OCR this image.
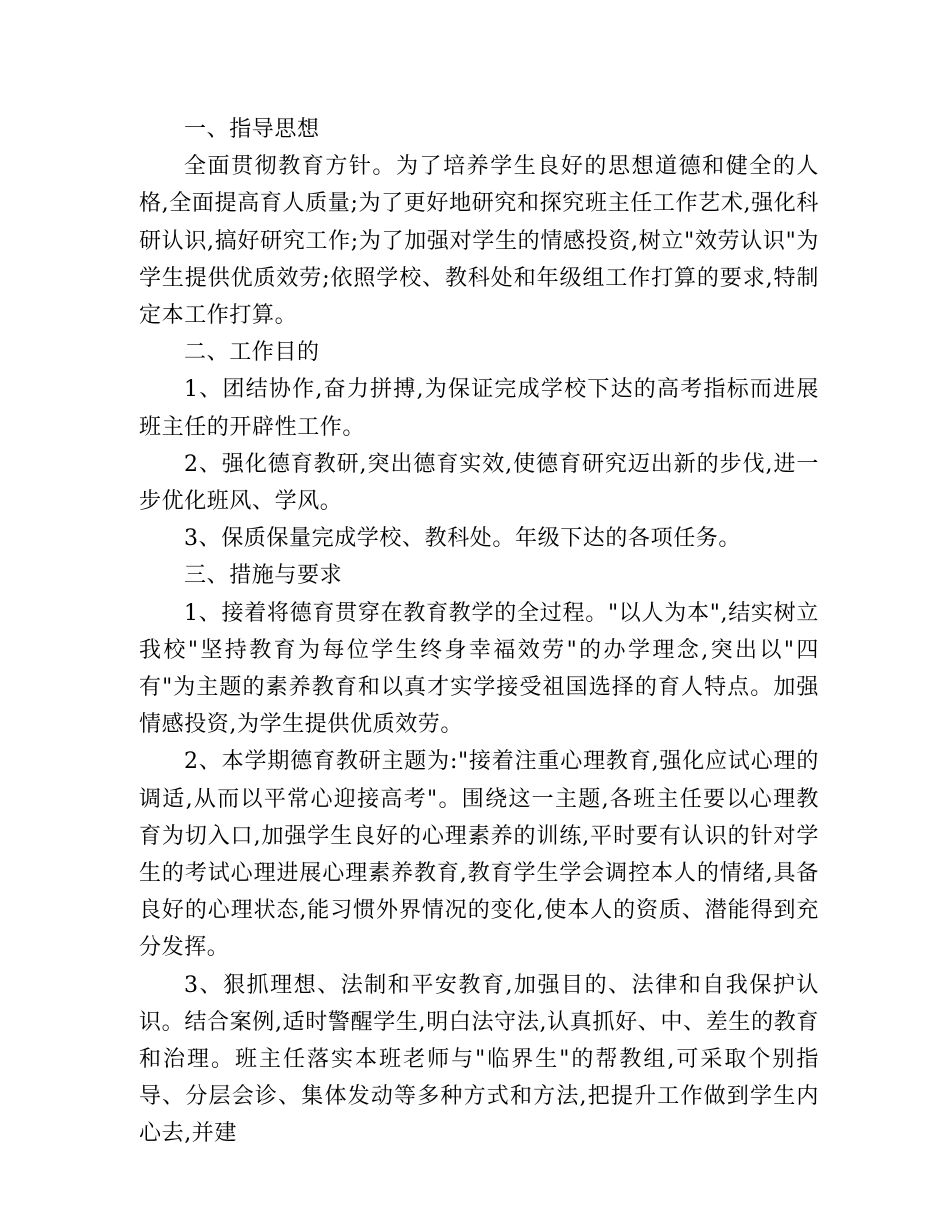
一、指导思想

全面贯彻教育方针。为了培养学生良好的思想道德和健全的人格,全面提高育人质量;为了更好地研究和探究班主任工作艺术,强化科研认识,搞好研究工作;为了加强对学生的情感投资,树立"效劳认识"为学生提供优质效劳;依照学校、教科处和年级组工作打算的要求,特制定本工作打算。

二、工作目的

1、团结协作,奋力拼搏,为保证完成学校下达的高考指标而进展班主任的开辟性工作。

2、强化德育教研,突出德育实效,使德育研究迈出新的步伐,进一步优化班风、学风。

3、保质保量完成学校、教科处。年级下达的各项任务。

三、措施与要求

1、接着将德育贯穿在教育教学的全过程。"以人为本",结实树立我校"坚持教育为每位学生终身幸福效劳"的办学理念,突出以"四有"为主题的素养教育和以真才实学接受祖国选择的育人特点。加强情感投资,为学生提供优质效劳。

2、本学期德育教研主题为:"接着注重心理教育,强化应试心理的调适,从而以平常心迎接高考"。围绕这一主题,各班主任要以心理教育为切入口,加强学生良好的心理素养的训练,平时要有认识的针对学生的考试心理进展心理素养教育,教育学生学会调控本人的情绪,具备良好的心理状态,能习惯外界情况的变化,使本人的资质、潜能得到充分发挥。

3、狠抓理想、法制和平安教育,加强目的、法律和自我保护认识。结合案例,适时警醒学生,明白法守法,认真抓好、中、差生的教育和治理。班主任落实本班老师与"临界生"的帮教组,可采取个别指导、分层会诊、集体发动等多种方式和方法,把提升工作做到学生内心去,并建
